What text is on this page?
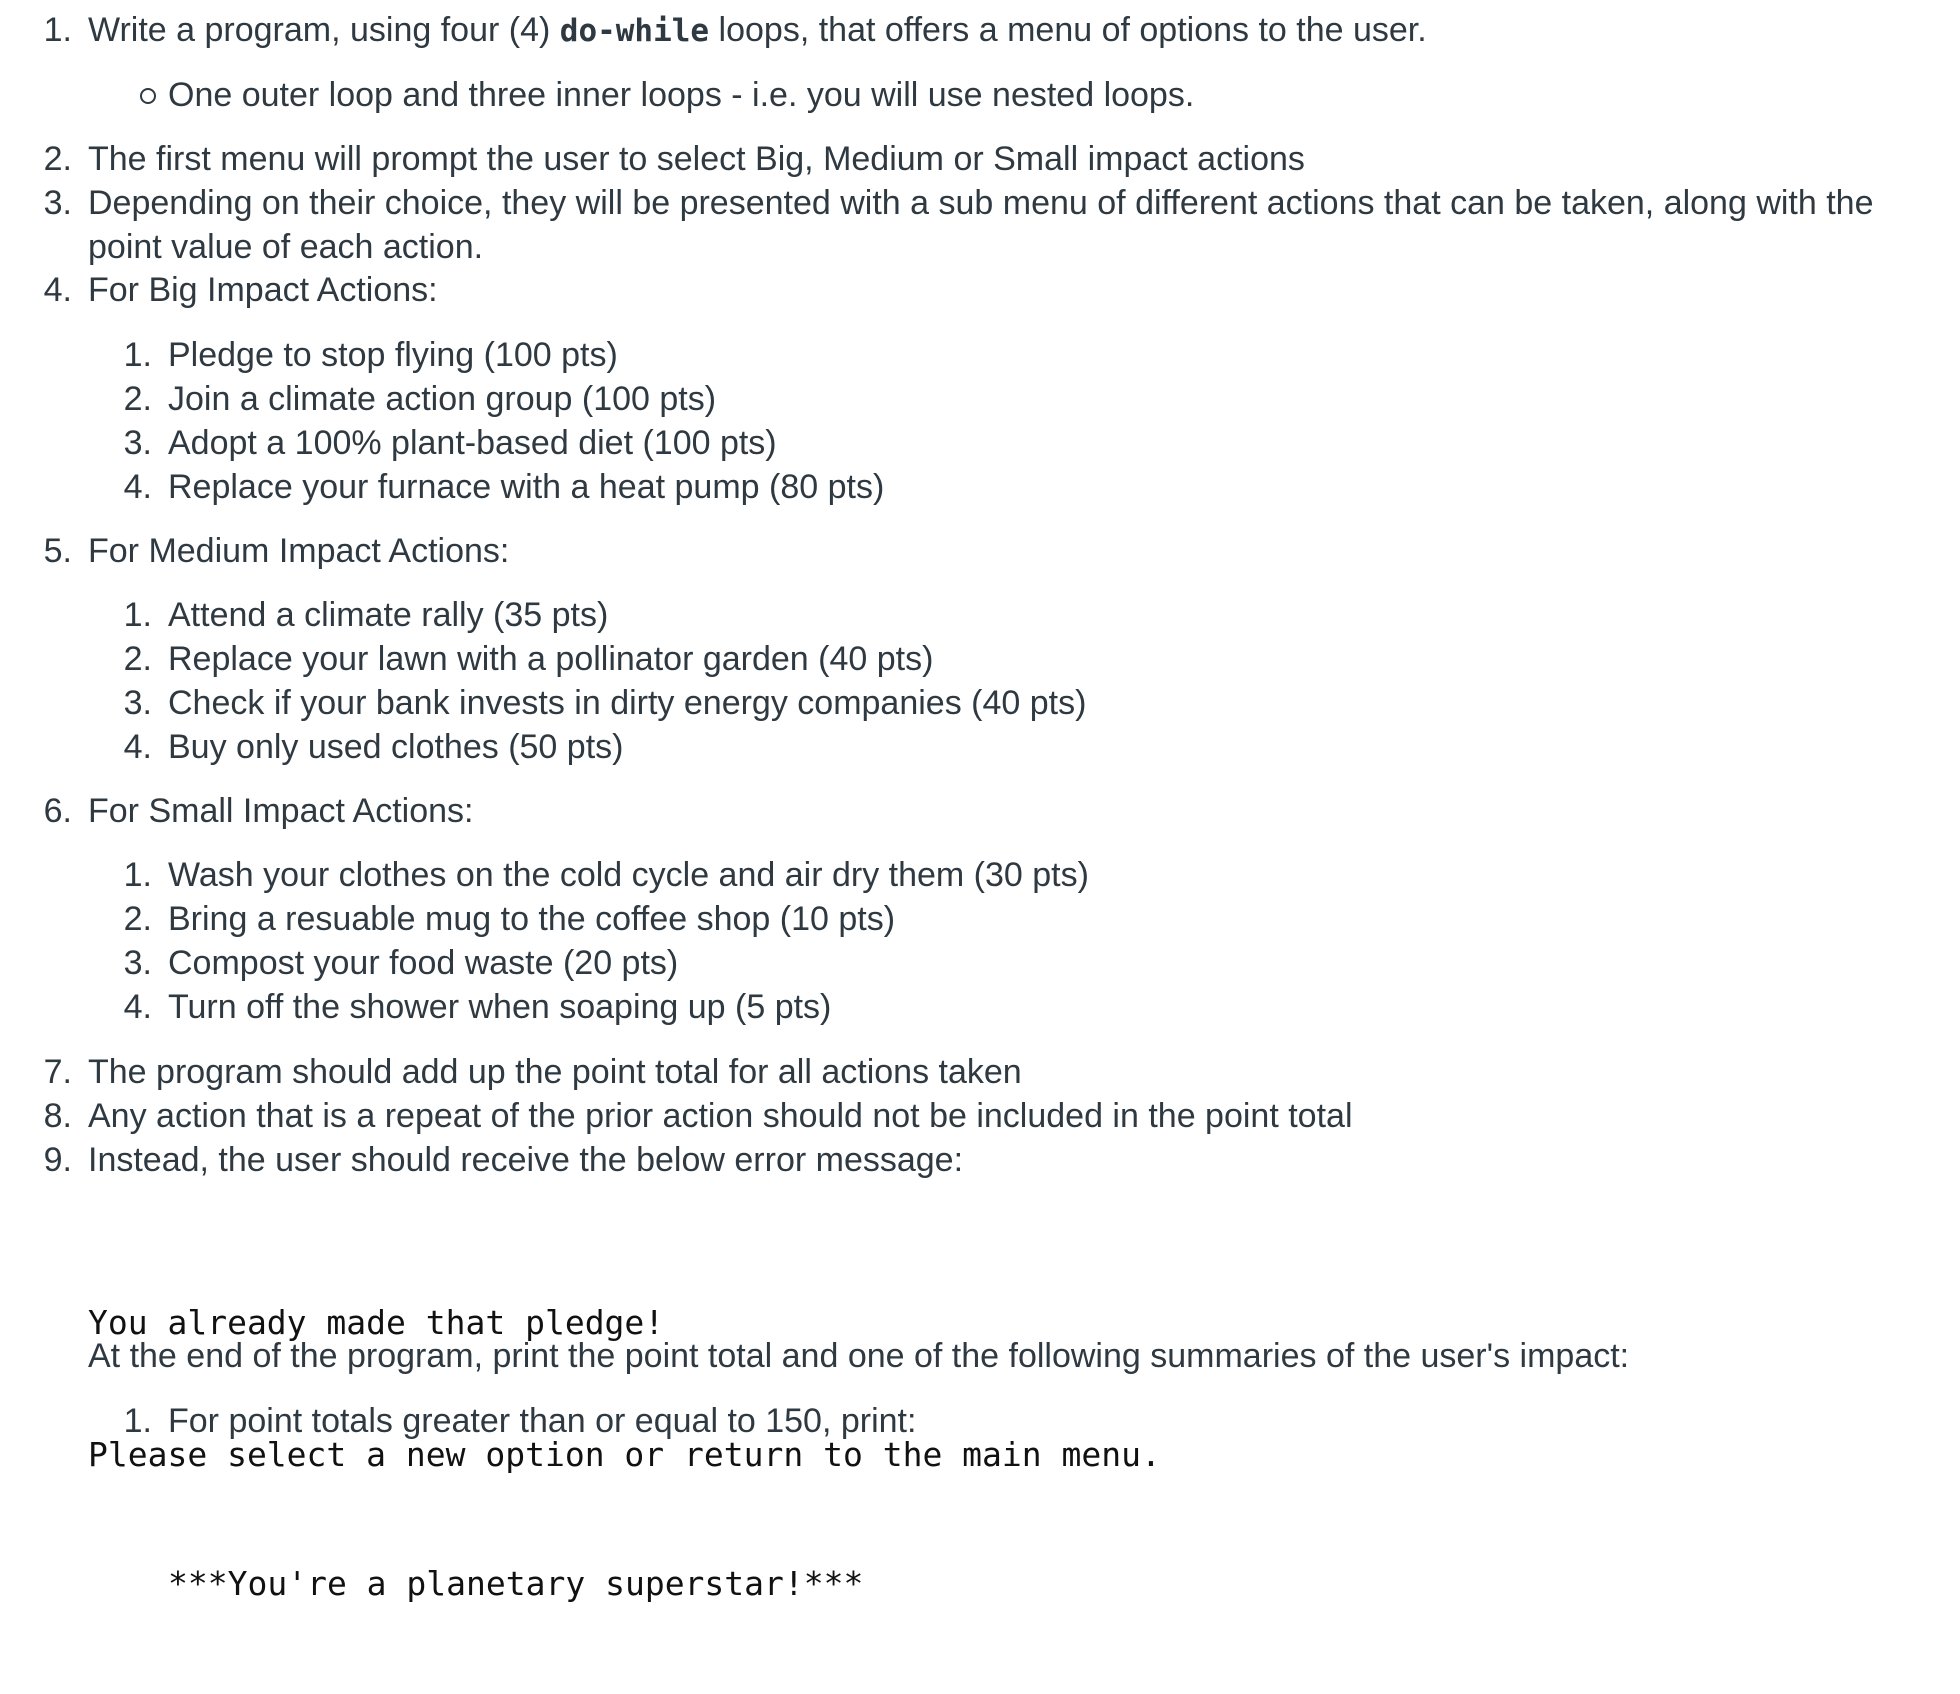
1. Write a program, using four (4) do-while loops, that offers a menu of options to the user.
One outer loop and three inner loops - i.e. you will use nested loops.
2. The first menu will prompt the user to select Big, Medium or Small impact actions
3. Depending on their choice, they will be presented with a sub menu of different actions that can be taken, along with the point value of each action.
4. For Big Impact Actions:
1. Pledge to stop flying (100 pts)
2. Join a climate action group (100 pts)
3. Adopt a 100% plant-based diet (100 pts)
4. Replace your furnace with a heat pump (80 pts)
5. For Medium Impact Actions:
1. Attend a climate rally (35 pts)
2. Replace your lawn with a pollinator garden (40 pts)
3. Check if your bank invests in dirty energy companies (40 pts)
4. Buy only used clothes (50 pts)
6. For Small Impact Actions:
1. Wash your clothes on the cold cycle and air dry them (30 pts)
2. Bring a resuable mug to the coffee shop (10 pts)
3. Compost your food waste (20 pts)
4. Turn off the shower when soaping up (5 pts)
7. The program should add up the point total for all actions taken
8. Any action that is a repeat of the prior action should not be included in the point total
9. Instead, the user should receive the below error message:

You already made that pledge!

Please select a new option or return to the main menu.

At the end of the program, print the point total and one of the following summaries of the user's impact:
1. For point totals greater than or equal to 150, print:

***You're a planetary superstar!***
